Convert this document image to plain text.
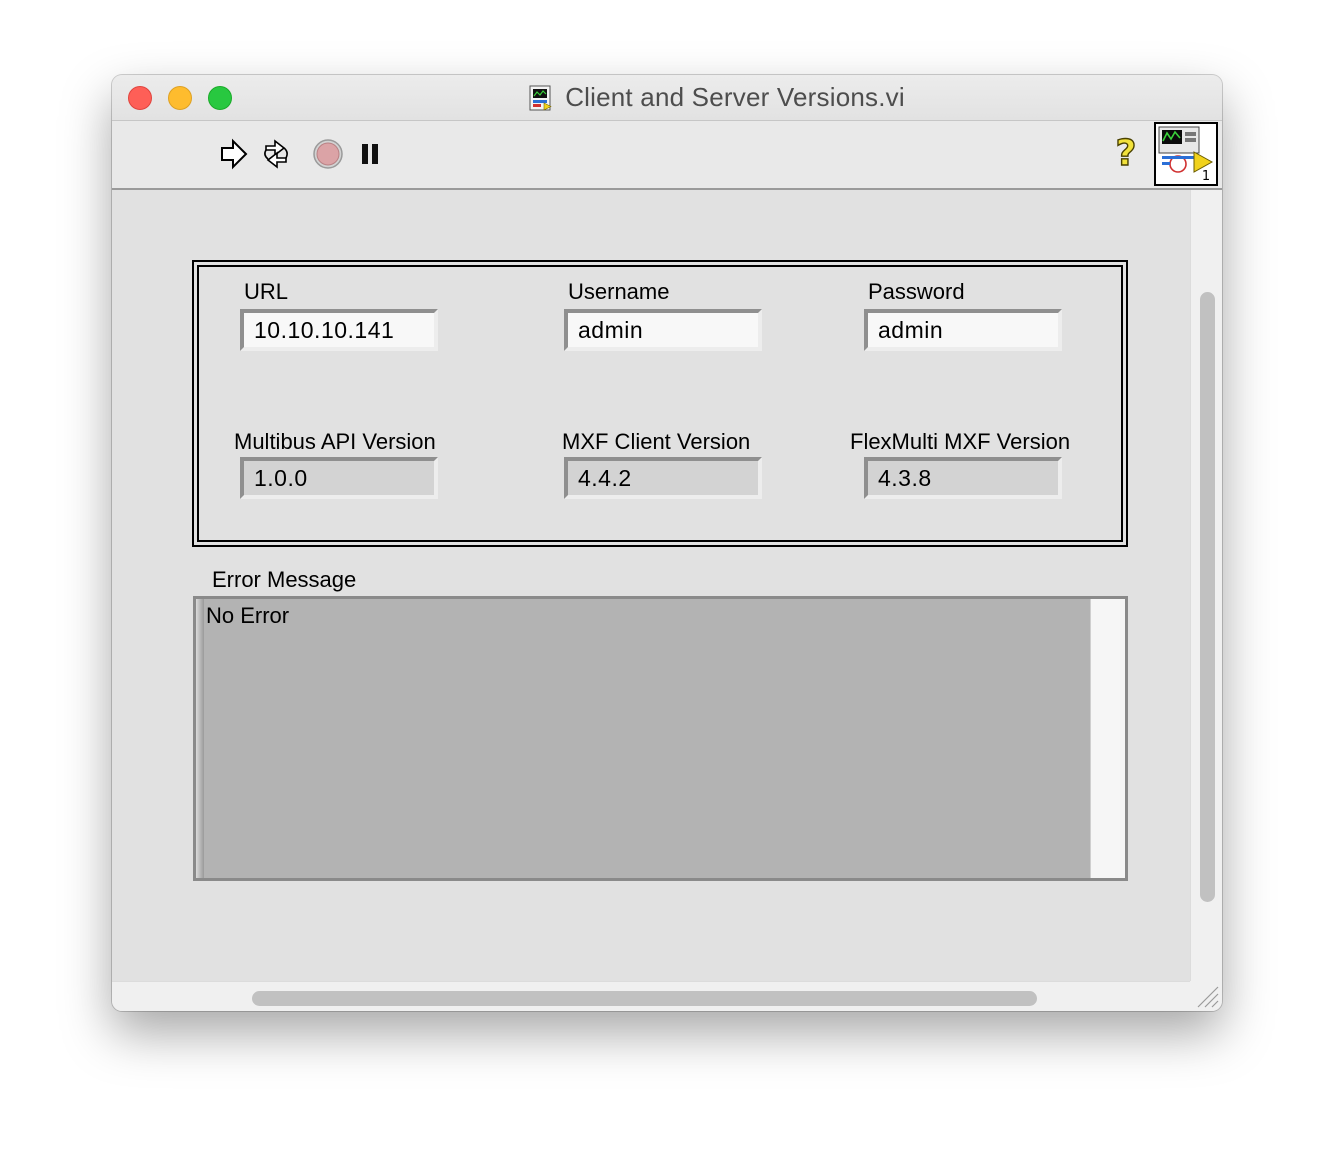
Client and Server Versions.vi
?
1
URL
10.10.10.141
Username
admin
Password
admin
Multibus API Version
1.0.0
MXF Client Version
4.4.2
FlexMulti MXF Version
4.3.8
Error Message
No Error
